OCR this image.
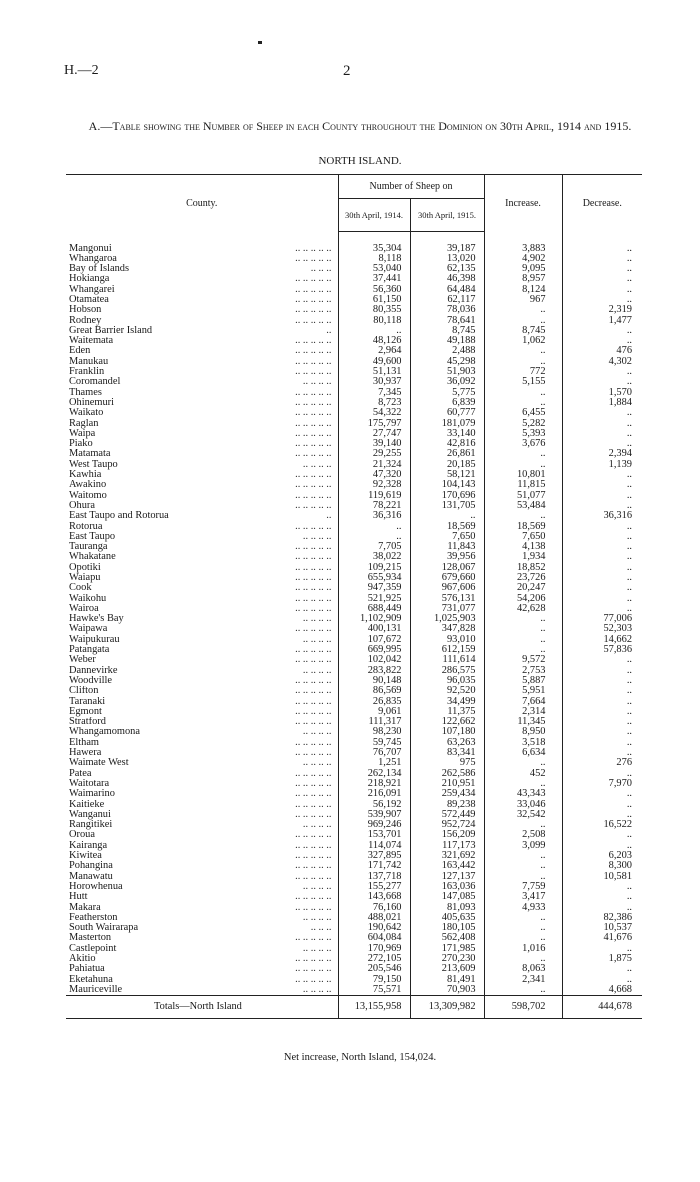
H.—2	2
A.—Table showing the Number of Sheep in each County throughout the Dominion on 30th April, 1914 and 1915.
NORTH ISLAND.
County.	Number of Sheep on		Increase.	Decrease.
	30th April, 1914.	30th April, 1915.		

Mangonui .. .. .. .. ..	35,304	39,187	3,883	..
Whangaroa .. .. .. .. ..	8,118	13,020	4,902	..
Bay of Islands .. .. ..	53,040	62,135	9,095	..
Hokianga .. .. .. .. ..	37,441	46,398	8,957	..
Whangarei .. .. .. .. ..	56,360	64,484	8,124	..
Otamatea .. .. .. .. ..	61,150	62,117	967	..
Hobson .. .. .. .. ..	80,355	78,036	..	2,319
Rodney .. .. .. .. ..	80,118	78,641	..	1,477
Great Barrier Island ..	..	8,745	8,745	..
Waitemata .. .. .. .. ..	48,126	49,188	1,062	..
Eden .. .. .. .. ..	2,964	2,488	..	476
Manukau .. .. .. .. ..	49,600	45,298	..	4,302
Franklin .. .. .. .. ..	51,131	51,903	772	..
Coromandel .. .. .. ..	30,937	36,092	5,155	..
Thames .. .. .. .. ..	7,345	5,775	..	1,570
Ohinemuri .. .. .. .. ..	8,723	6,839	..	1,884
Waikato .. .. .. .. ..	54,322	60,777	6,455	..
Raglan .. .. .. .. ..	175,797	181,079	5,282	..
Waipa .. .. .. .. ..	27,747	33,140	5,393	..
Piako .. .. .. .. ..	39,140	42,816	3,676	..
Matamata .. .. .. .. ..	29,255	26,861	..	2,394
West Taupo .. .. .. ..	21,324	20,185	..	1,139
Kawhia .. .. .. .. ..	47,320	58,121	10,801	..
Awakino .. .. .. .. ..	92,328	104,143	11,815	..
Waitomo .. .. .. .. ..	119,619	170,696	51,077	..
Ohura .. .. .. .. ..	78,221	131,705	53,484	..
East Taupo and Rotorua ..	36,316	..	..	36,316
Rotorua .. .. .. .. ..	..	18,569	18,569	..
East Taupo .. .. .. ..	..	7,650	7,650	..
Tauranga .. .. .. .. ..	7,705	11,843	4,138	..
Whakatane .. .. .. .. ..	38,022	39,956	1,934	..
Opotiki .. .. .. .. ..	109,215	128,067	18,852	..
Waiapu .. .. .. .. ..	655,934	679,660	23,726	..
Cook .. .. .. .. ..	947,359	967,606	20,247	..
Waikohu .. .. .. .. ..	521,925	576,131	54,206	..
Wairoa .. .. .. .. ..	688,449	731,077	42,628	..
Hawke's Bay .. .. .. ..	1,102,909	1,025,903	..	77,006
Waipawa .. .. .. .. ..	400,131	347,828	..	52,303
Waipukurau .. .. .. ..	107,672	93,010	..	14,662
Patangata .. .. .. .. ..	669,995	612,159	..	57,836
Weber .. .. .. .. ..	102,042	111,614	9,572	..
Dannevirke .. .. .. ..	283,822	286,575	2,753	..
Woodville .. .. .. .. ..	90,148	96,035	5,887	..
Clifton .. .. .. .. ..	86,569	92,520	5,951	..
Taranaki .. .. .. .. ..	26,835	34,499	7,664	..
Egmont .. .. .. .. ..	9,061	11,375	2,314	..
Stratford .. .. .. .. ..	111,317	122,662	11,345	..
Whangamomona .. .. .. ..	98,230	107,180	8,950	..
Eltham .. .. .. .. ..	59,745	63,263	3,518	..
Hawera .. .. .. .. ..	76,707	83,341	6,634	..
Waimate West .. .. .. ..	1,251	975	..	276
Patea .. .. .. .. ..	262,134	262,586	452	..
Waitotara .. .. .. .. ..	218,921	210,951	..	7,970
Waimarino .. .. .. .. ..	216,091	259,434	43,343	..
Kaitieke .. .. .. .. ..	56,192	89,238	33,046	..
Wanganui .. .. .. .. ..	539,907	572,449	32,542	..
Rangitikei .. .. .. ..	969,246	952,724	..	16,522
Oroua .. .. .. .. ..	153,701	156,209	2,508	..
Kairanga .. .. .. .. ..	114,074	117,173	3,099	..
Kiwitea .. .. .. .. ..	327,895	321,692	..	6,203
Pohangina .. .. .. .. ..	171,742	163,442	..	8,300
Manawatu .. .. .. .. ..	137,718	127,137	..	10,581
Horowhenua .. .. .. ..	155,277	163,036	7,759	..
Hutt .. .. .. .. ..	143,668	147,085	3,417	..
Makara .. .. .. .. ..	76,160	81,093	4,933	..
Featherston .. .. .. ..	488,021	405,635	..	82,386
South Wairarapa .. .. ..	190,642	180,105	..	10,537
Masterton .. .. .. .. ..	604,084	562,408	..	41,676
Castlepoint .. .. .. ..	170,969	171,985	1,016	..
Akitio .. .. .. .. ..	272,105	270,230	..	1,875
Pahiatua .. .. .. .. ..	205,546	213,609	8,063	..
Eketahuna .. .. .. .. ..	79,150	81,491	2,341	..
Mauriceville .. .. .. ..	75,571	70,903	..	4,668
Totals—North Island	13,155,958	13,309,982	598,702	444,678
Net increase, North Island, 154,024.
